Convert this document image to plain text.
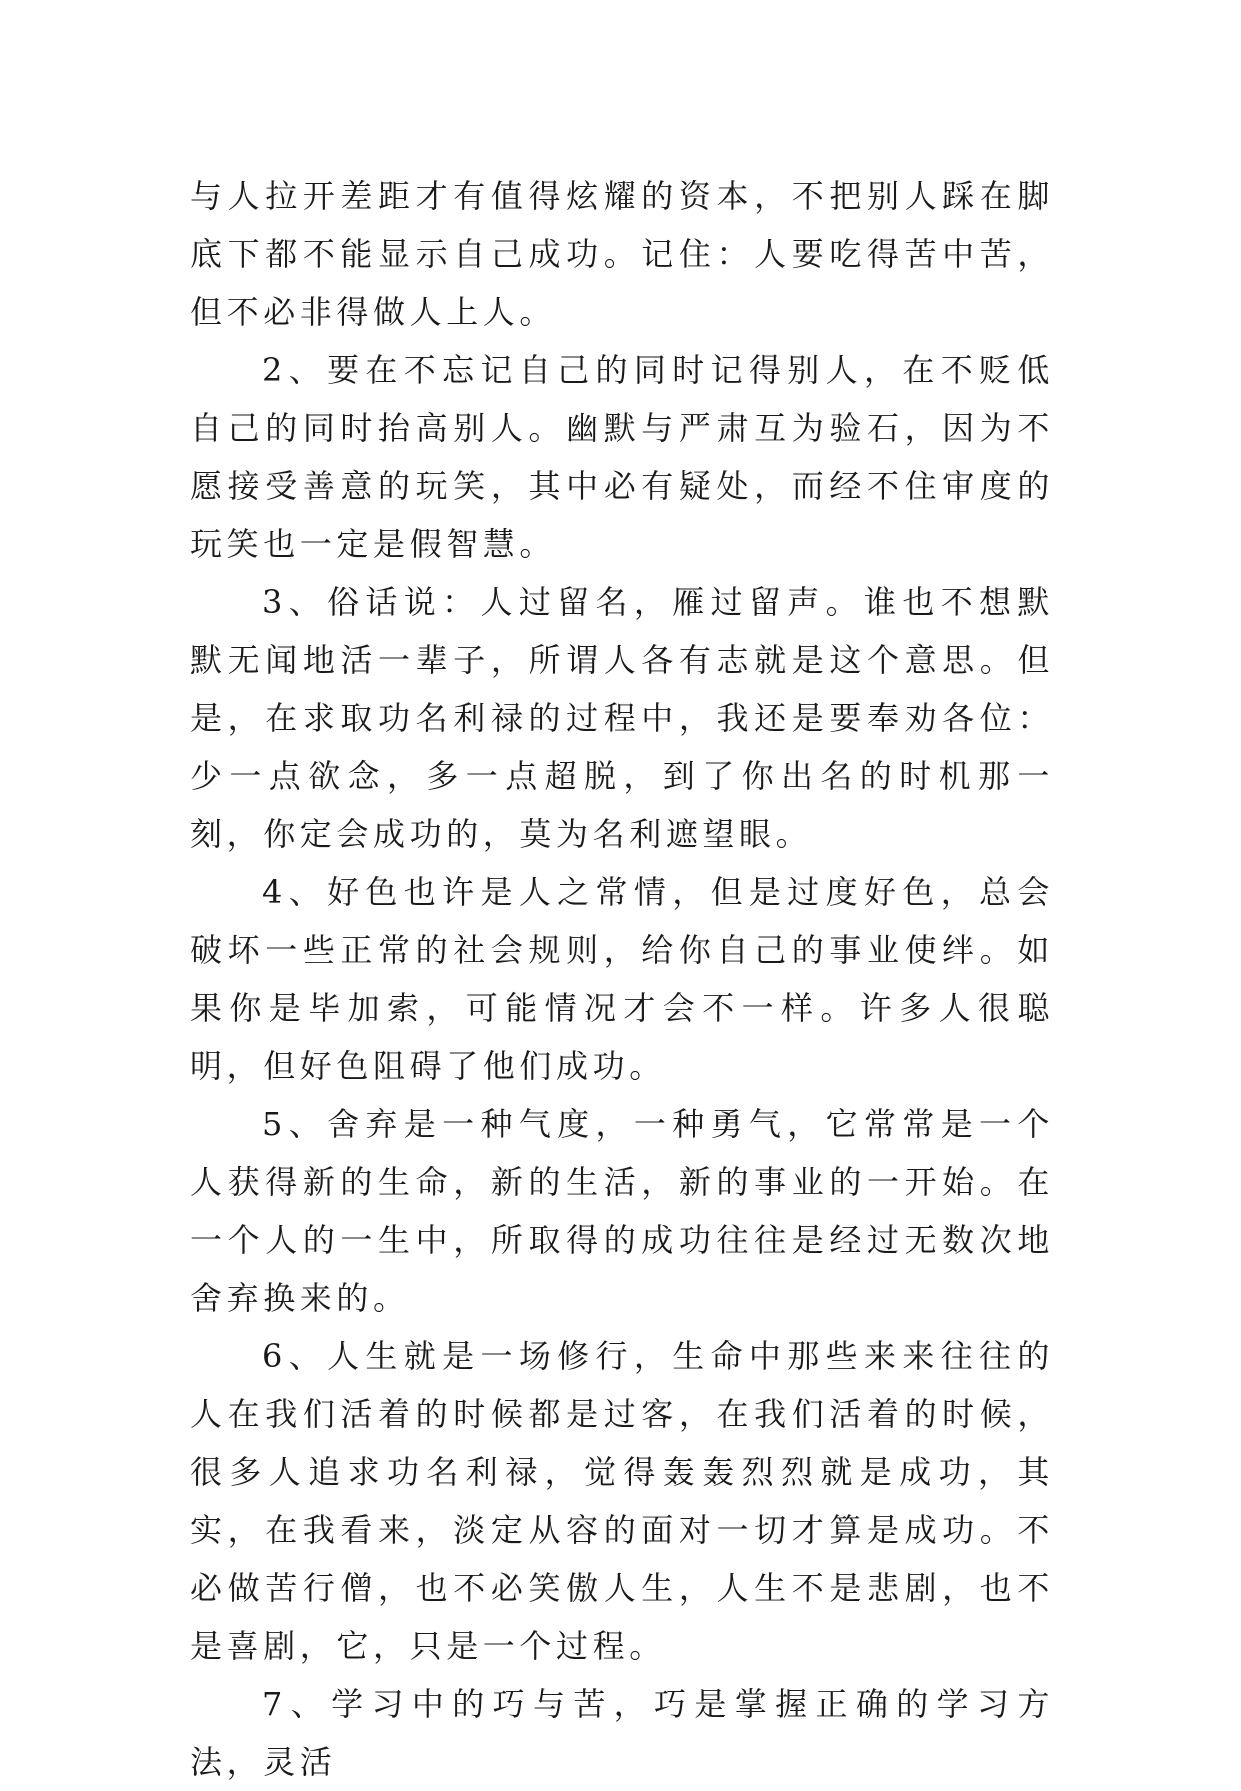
与人拉开差距才有值得炫耀的资本，不把别人踩在脚底下都不能显示自己成功。记住：人要吃得苦中苦，但不必非得做人上人。

2、要在不忘记自己的同时记得别人，在不贬低自己的同时抬高别人。幽默与严肃互为验石，因为不愿接受善意的玩笑，其中必有疑处，而经不住审度的玩笑也一定是假智慧。

3、俗话说：人过留名，雁过留声。谁也不想默默无闻地活一辈子，所谓人各有志就是这个意思。但是，在求取功名利禄的过程中，我还是要奉劝各位：少一点欲念，多一点超脱，到了你出名的时机那一刻，你定会成功的，莫为名利遮望眼。

4、好色也许是人之常情，但是过度好色，总会破坏一些正常的社会规则，给你自己的事业使绊。如果你是毕加索，可能情况才会不一样。许多人很聪明，但好色阻碍了他们成功。

5、舍弃是一种气度，一种勇气，它常常是一个人获得新的生命，新的生活，新的事业的一开始。在一个人的一生中，所取得的成功往往是经过无数次地舍弃换来的。

6、人生就是一场修行，生命中那些来来往往的人在我们活着的时候都是过客，在我们活着的时候，很多人追求功名利禄，觉得轰轰烈烈就是成功，其实，在我看来，淡定从容的面对一切才算是成功。不必做苦行僧，也不必笑傲人生，人生不是悲剧，也不是喜剧，它，只是一个过程。

7、学习中的巧与苦，巧是掌握正确的学习方法，灵活
